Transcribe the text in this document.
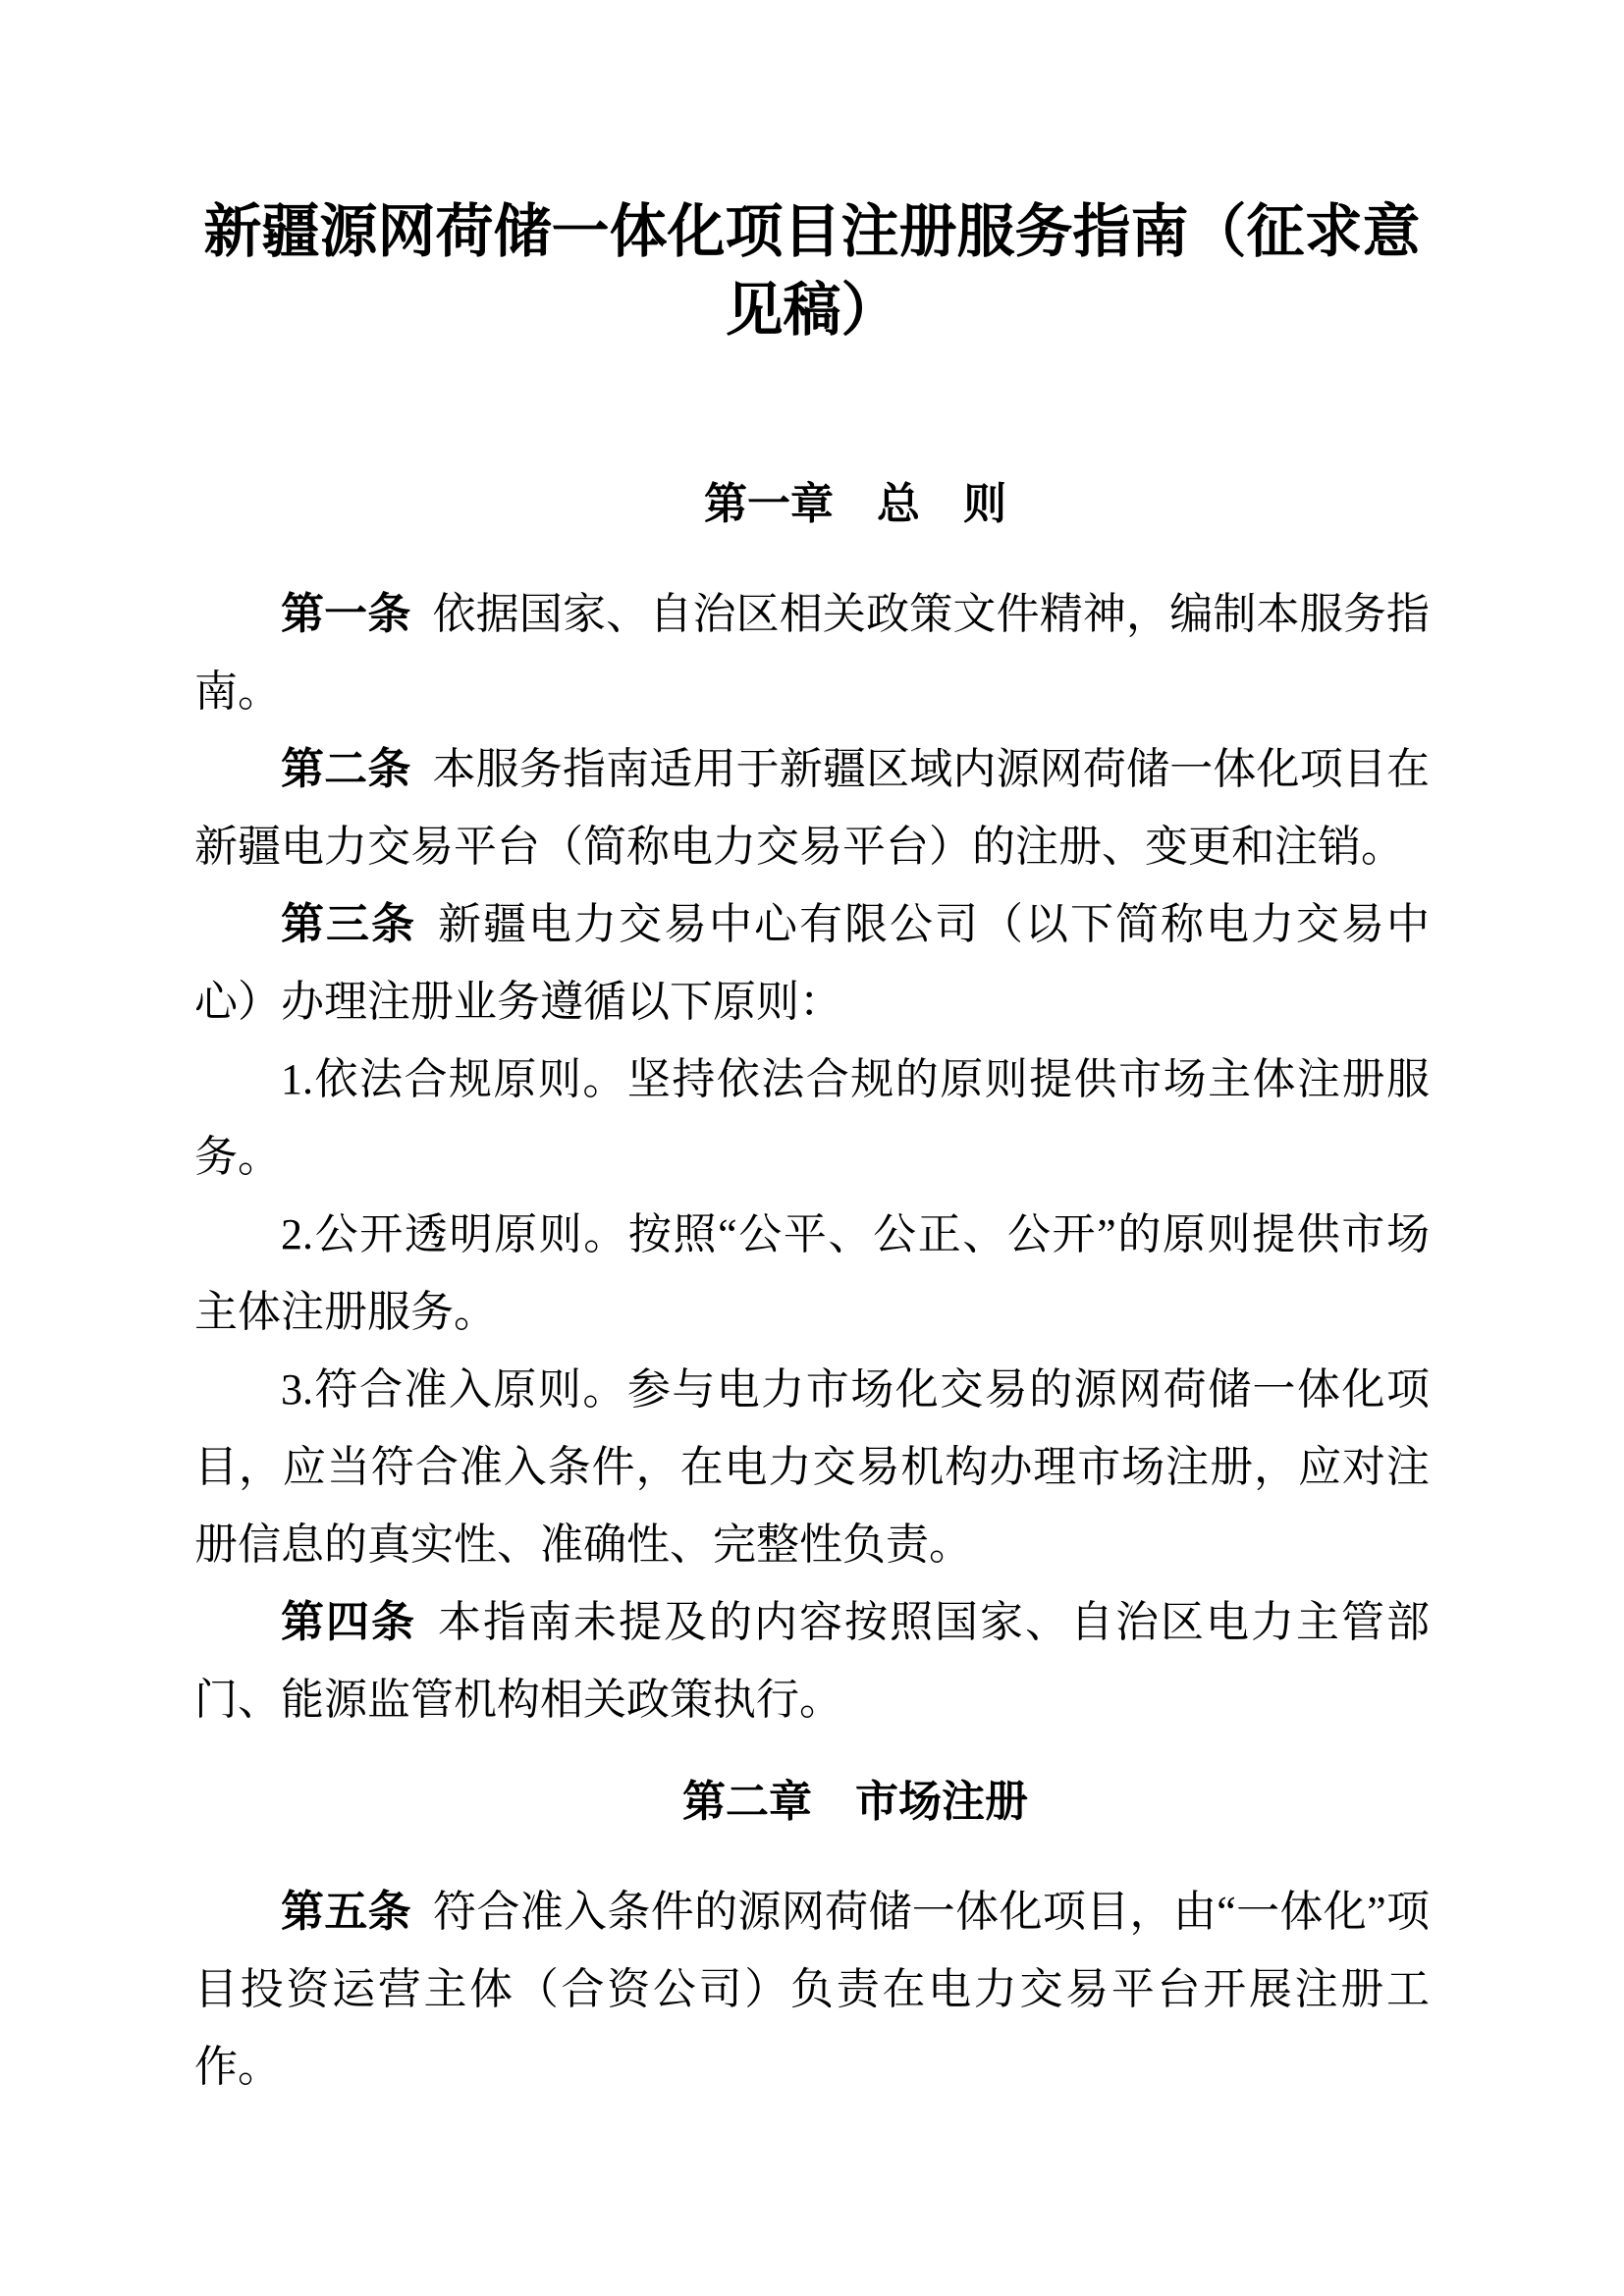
新疆源网荷储一体化项目注册服务指南（征求意见稿）
第一章　总　则

第一条 依据国家、自治区相关政策文件精神，编制本服务指南。

第二条 本服务指南适用于新疆区域内源网荷储一体化项目在新疆电力交易平台（简称电力交易平台）的注册、变更和注销。

第三条 新疆电力交易中心有限公司（以下简称电力交易中心）办理注册业务遵循以下原则：

1.依法合规原则。坚持依法合规的原则提供市场主体注册服务。

2.公开透明原则。按照“公平、公正、公开”的原则提供市场主体注册服务。

3.符合准入原则。参与电力市场化交易的源网荷储一体化项目，应当符合准入条件，在电力交易机构办理市场注册，应对注册信息的真实性、准确性、完整性负责。

第四条 本指南未提及的内容按照国家、自治区电力主管部门、能源监管机构相关政策执行。

第二章　市场注册

第五条 符合准入条件的源网荷储一体化项目，由“一体化”项目投资运营主体（合资公司）负责在电力交易平台开展注册工作。
